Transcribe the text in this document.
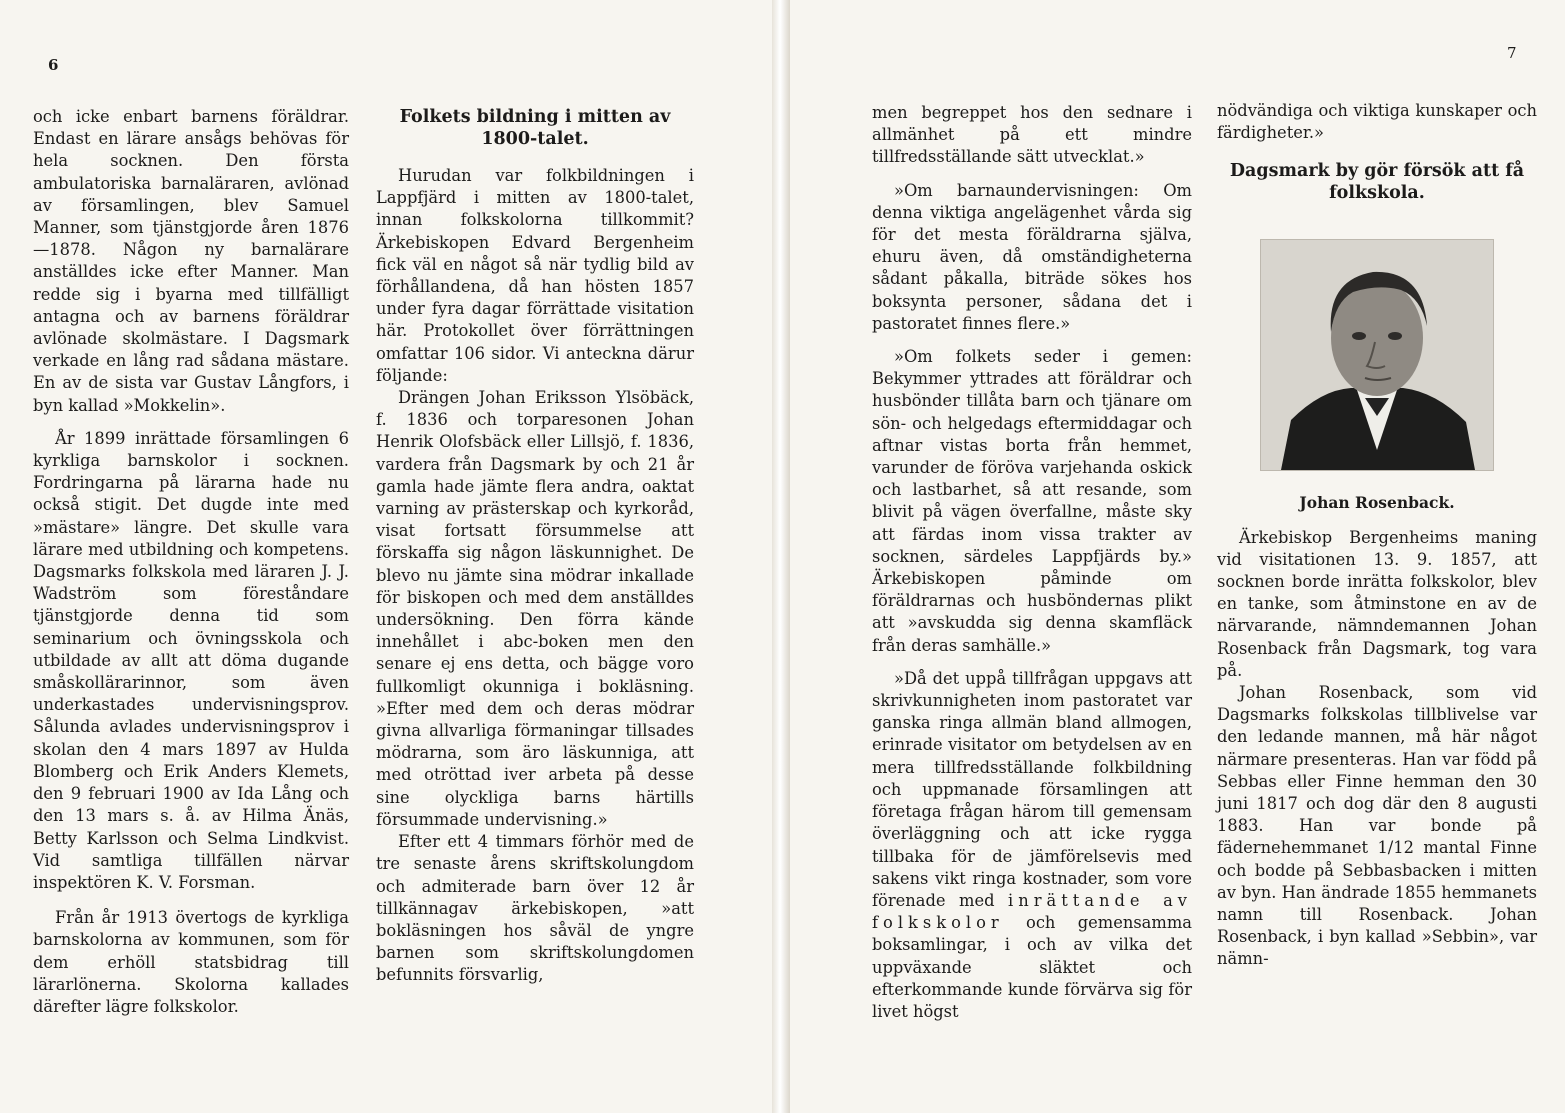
6

och icke enbart barnens föräldrar. Endast en lärare ansågs behövas för hela socknen. Den första ambulatoriska barnaläraren, avlönad av församlingen, blev Samuel Manner, som tjänstgjorde åren 1876—1878. Någon ny barnalärare anställdes icke efter Manner. Man redde sig i byarna med tillfälligt antagna och av barnens föräldrar avlönade skolmästare. I Dagsmark verkade en lång rad sådana mästare. En av de sista var Gustav Långfors, i byn kallad »Mokkelin».

År 1899 inrättade församlingen 6 kyrkliga barnskolor i socknen. Fordringarna på lärarna hade nu också stigit. Det dugde inte med »mästare» längre. Det skulle vara lärare med utbildning och kompetens. Dagsmarks folkskola med läraren J. J. Wadström som föreståndare tjänstgjorde denna tid som seminarium och övningsskola och utbildade av allt att döma dugande småskollärarinnor, som även underkastades undervisningsprov. Sålunda avlades undervisningsprov i skolan den 4 mars 1897 av Hulda Blomberg och Erik Anders Klemets, den 9 februari 1900 av Ida Lång och den 13 mars s. å. av Hilma Änäs, Betty Karlsson och Selma Lindkvist. Vid samtliga tillfällen närvar inspektören K. V. Forsman.

Från år 1913 övertogs de kyrkliga barnskolorna av kommunen, som för dem erhöll statsbidrag till lärarlönerna. Skolorna kallades därefter lägre folkskolor.

Folkets bildning i mitten av 1800-talet.

Hurudan var folkbildningen i Lappfjärd i mitten av 1800-talet, innan folkskolorna tillkommit? Ärkebiskopen Edvard Bergenheim fick väl en något så när tydlig bild av förhållandena, då han hösten 1857 under fyra dagar förrättade visitation här. Protokollet över förrättningen omfattar 106 sidor. Vi anteckna därur följande:

Drängen Johan Eriksson Ylsöbäck, f. 1836 och torparesonen Johan Henrik Olofsbäck eller Lillsjö, f. 1836, vardera från Dagsmark by och 21 år gamla hade jämte flera andra, oaktat varning av prästerskap och kyrkoråd, visat fortsatt försummelse att förskaffa sig någon läskunnighet. De blevo nu jämte sina mödrar inkallade för biskopen och med dem anställdes undersökning. Den förra kände innehållet i abc-boken men den senare ej ens detta, och bägge voro fullkomligt okunniga i bokläsning. »Efter med dem och deras mödrar givna allvarliga förmaningar tillsades mödrarna, som äro läskunniga, att med otröttad iver arbeta på desse sine olyckliga barns härtills försummade undervisning.»

Efter ett 4 timmars förhör med de tre senaste årens skriftskolungdom och admiterade barn över 12 år tillkännagav ärkebiskopen, »att bokläsningen hos såväl de yngre barnen som skriftskolungdomen befunnits försvarlig,

7

men begreppet hos den sednare i allmänhet på ett mindre tillfredsställande sätt utvecklat.»

»Om barnaundervisningen: Om denna viktiga angelägenhet vårda sig för det mesta föräldrarna själva, ehuru även, då omständigheterna sådant påkalla, biträde sökes hos boksynta personer, sådana det i pastoratet finnes flere.»

»Om folkets seder i gemen: Bekymmer yttrades att föräldrar och husbönder tillåta barn och tjänare om sön- och helgedags eftermiddagar och aftnar vistas borta från hemmet, varunder de föröva varjehanda oskick och lastbarhet, så att resande, som blivit på vägen överfallne, måste sky att färdas inom vissa trakter av socknen, särdeles Lappfjärds by.» Ärkebiskopen påminde om föräldrarnas och husböndernas plikt att »avskudda sig denna skamfläck från deras samhälle.»

»Då det uppå tillfrågan uppgavs att skrivkunnigheten inom pastoratet var ganska ringa allmän bland allmogen, erinrade visitator om betydelsen av en mera tillfredsställande folkbildning och uppmanade församlingen att företaga frågan härom till gemensam överläggning och att icke rygga tillbaka för de jämförelsevis med sakens vikt ringa kostnader, som vore förenade med inrättande av folkskolor och gemensamma boksamlingar, i och av vilka det uppväxande släktet och efterkommande kunde förvärva sig för livet högst

nödvändiga och viktiga kunskaper och färdigheter.»

Dagsmark by gör försök att få folkskola.
Johan Rosenback.

Ärkebiskop Bergenheims maning vid visitationen 13. 9. 1857, att socknen borde inrätta folkskolor, blev en tanke, som åtminstone en av de närvarande, nämndemannen Johan Rosenback från Dagsmark, tog vara på.

Johan Rosenback, som vid Dagsmarks folkskolas tillblivelse var den ledande mannen, må här något närmare presenteras. Han var född på Sebbas eller Finne hemman den 30 juni 1817 och dog där den 8 augusti 1883. Han var bonde på fädernehemmanet 1/12 mantal Finne och bodde på Sebbasbacken i mitten av byn. Han ändrade 1855 hemmanets namn till Rosenback. Johan Rosenback, i byn kallad »Sebbin», var nämn-
